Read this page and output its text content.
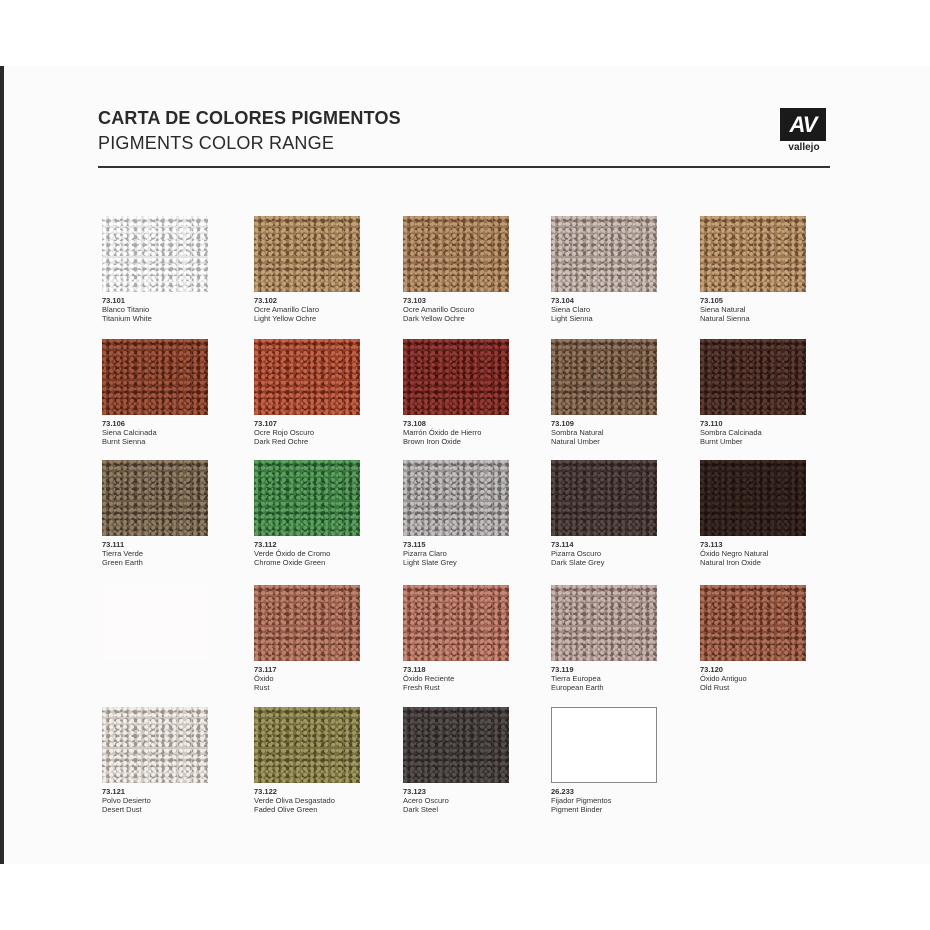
CARTA DE COLORES PIGMENTOS
PIGMENTS COLOR RANGE
AV
vallejo
73.101
Blanco Titanio
Titanium White
73.102
Ocre Amarillo Claro
Light Yellow Ochre
73.103
Ocre Amarillo Oscuro
Dark Yellow Ochre
73.104
Siena Claro
Light Sienna
73.105
Siena Natural
Natural Sienna
73.106
Siena Calcinada
Burnt Sienna
73.107
Ocre Rojo Oscuro
Dark Red Ochre
73.108
Marrón Óxido de Hierro
Brown Iron Oxide
73.109
Sombra Natural
Natural Umber
73.110
Sombra Calcinada
Burnt Umber
73.111
Tierra Verde
Green Earth
73.112
Verde Óxido de Cromo
Chrome Oxide Green
73.115
Pizarra Claro
Light Slate Grey
73.114
Pizarra Oscuro
Dark Slate Grey
73.113
Óxido Negro Natural
Natural Iron Oxide
73.117
Óxido
Rust
73.118
Óxido Reciente
Fresh Rust
73.119
Tierra Europea
European Earth
73.120
Óxido Antiguo
Old Rust
73.121
Polvo Desierto
Desert Dust
73.122
Verde Oliva Desgastado
Faded Olive Green
73.123
Acero Oscuro
Dark Steel
26.233
Fijador Pigmentos
Pigment Binder
